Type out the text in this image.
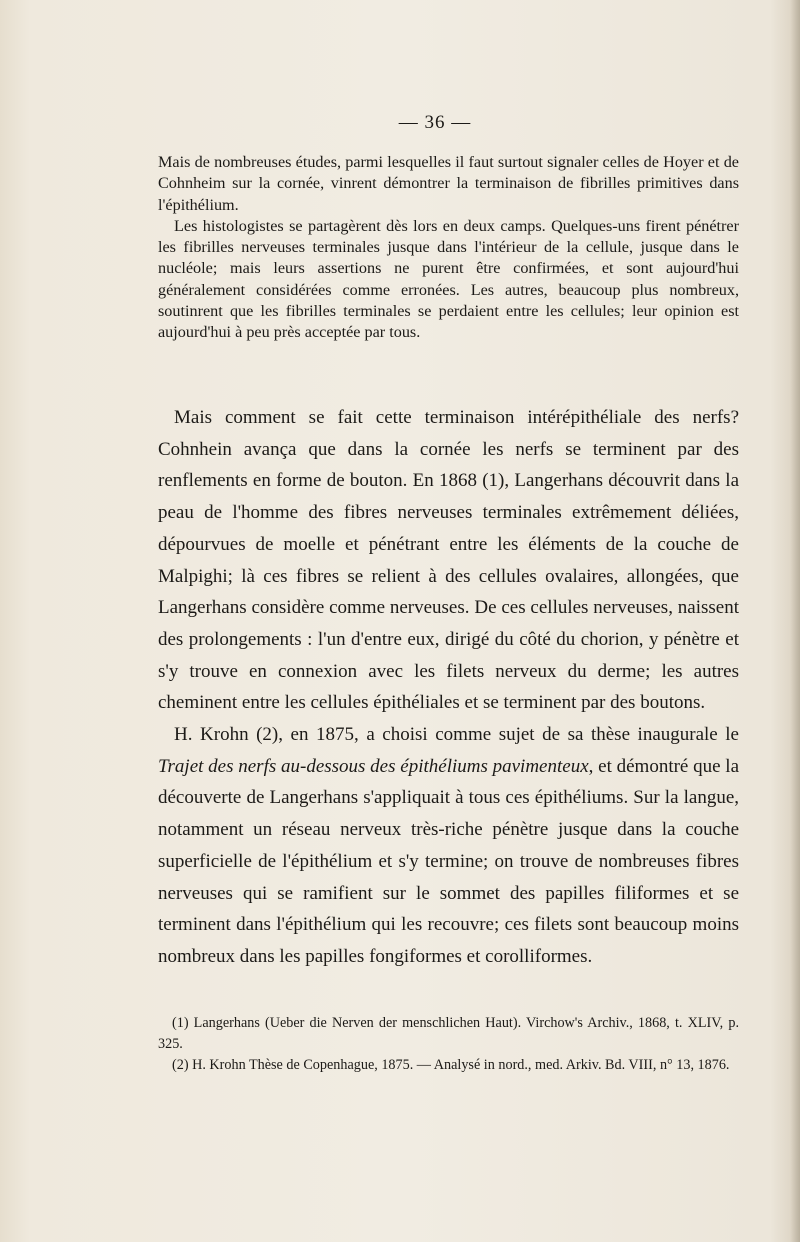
— 36 —

Mais de nombreuses études, parmi lesquelles il faut surtout signaler celles de Hoyer et de Cohnheim sur la cornée, vinrent démontrer la terminaison de fibrilles primitives dans l'épithélium.

Les histologistes se partagèrent dès lors en deux camps. Quelques-uns firent pénétrer les fibrilles nerveuses terminales jusque dans l'intérieur de la cellule, jusque dans le nucléole; mais leurs assertions ne purent être confirmées, et sont aujourd'hui généralement considérées comme erronées. Les autres, beaucoup plus nombreux, soutinrent que les fibrilles terminales se perdaient entre les cellules; leur opinion est aujourd'hui à peu près acceptée par tous.

Mais comment se fait cette terminaison intérépithéliale des nerfs? Cohnhein avança que dans la cornée les nerfs se terminent par des renflements en forme de bouton. En 1868 (1), Langerhans découvrit dans la peau de l'homme des fibres nerveuses terminales extrêmement déliées, dépourvues de moelle et pénétrant entre les éléments de la couche de Malpighi; là ces fibres se relient à des cellules ovalaires, allongées, que Langerhans considère comme nerveuses. De ces cellules nerveuses, naissent des prolongements : l'un d'entre eux, dirigé du côté du chorion, y pénètre et s'y trouve en connexion avec les filets nerveux du derme; les autres cheminent entre les cellules épithéliales et se terminent par des boutons.

H. Krohn (2), en 1875, a choisi comme sujet de sa thèse inaugurale le Trajet des nerfs au-dessous des épithéliums pavimenteux, et démontré que la découverte de Langerhans s'appliquait à tous ces épithéliums. Sur la langue, notamment un réseau nerveux très-riche pénètre jusque dans la couche superficielle de l'épithélium et s'y termine; on trouve de nombreuses fibres nerveuses qui se ramifient sur le sommet des papilles filiformes et se terminent dans l'épithélium qui les recouvre; ces filets sont beaucoup moins nombreux dans les papilles fongiformes et corolliformes.

(1) Langerhans (Ueber die Nerven der menschlichen Haut). Virchow's Archiv., 1868, t. XLIV, p. 325.

(2) H. Krohn Thèse de Copenhague, 1875. — Analysé in nord., med. Arkiv. Bd. VIII, n° 13, 1876.
